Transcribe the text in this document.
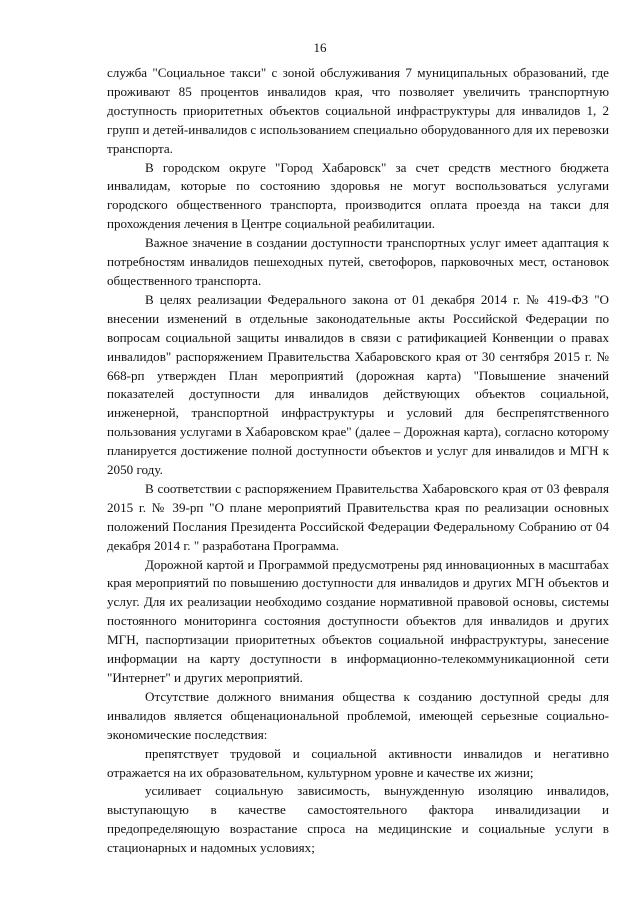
16

служба "Социальное такси" с зоной обслуживания 7 муниципальных образований, где проживают 85 процентов инвалидов края, что позволяет увеличить транспортную доступность приоритетных объектов социальной инфраструктуры для инвалидов 1, 2 групп и детей-инвалидов с использованием специально оборудованного для их перевозки транспорта.

В городском округе "Город Хабаровск" за счет средств местного бюджета инвалидам, которые по состоянию здоровья не могут воспользоваться услугами городского общественного транспорта, производится оплата проезда на такси для прохождения лечения в Центре социальной реабилитации.

Важное значение в создании доступности транспортных услуг имеет адаптация к потребностям инвалидов пешеходных путей, светофоров, парковочных мест, остановок общественного транспорта.

В целях реализации Федерального закона от 01 декабря 2014 г. № 419-ФЗ "О внесении изменений в отдельные законодательные акты Российской Федерации по вопросам социальной защиты инвалидов в связи с ратификацией Конвенции о правах инвалидов" распоряжением Правительства Хабаровского края от 30 сентября 2015 г. № 668-рп утвержден План мероприятий (дорожная карта) "Повышение значений показателей доступности для инвалидов действующих объектов социальной, инженерной, транспортной инфраструктуры и условий для беспрепятственного пользования услугами в Хабаровском крае" (далее – Дорожная карта), согласно которому планируется достижение полной доступности объектов и услуг для инвалидов и МГН к 2050 году.

В соответствии с распоряжением Правительства Хабаровского края от 03 февраля 2015 г. № 39-рп "О плане мероприятий Правительства края по реализации основных положений Послания Президента Российской Федерации Федеральному Собранию от 04 декабря 2014 г. " разработана Программа.

Дорожной картой и Программой предусмотрены ряд инновационных в масштабах края мероприятий по повышению доступности для инвалидов и других МГН объектов и услуг. Для их реализации необходимо создание нормативной правовой основы, системы постоянного мониторинга состояния доступности объектов для инвалидов и других МГН, паспортизации приоритетных объектов социальной инфраструктуры, занесение информации на карту доступности в информационно-телекоммуникационной сети "Интернет" и других мероприятий.

Отсутствие должного внимания общества к созданию доступной среды для инвалидов является общенациональной проблемой, имеющей серьезные социально-экономические последствия:

препятствует трудовой и социальной активности инвалидов и негативно отражается на их образовательном, культурном уровне и качестве их жизни;

усиливает социальную зависимость, вынужденную изоляцию инвалидов, выступающую в качестве самостоятельного фактора инвалидизации и предопределяющую возрастание спроса на медицинские и социальные услуги в стационарных и надомных условиях;
